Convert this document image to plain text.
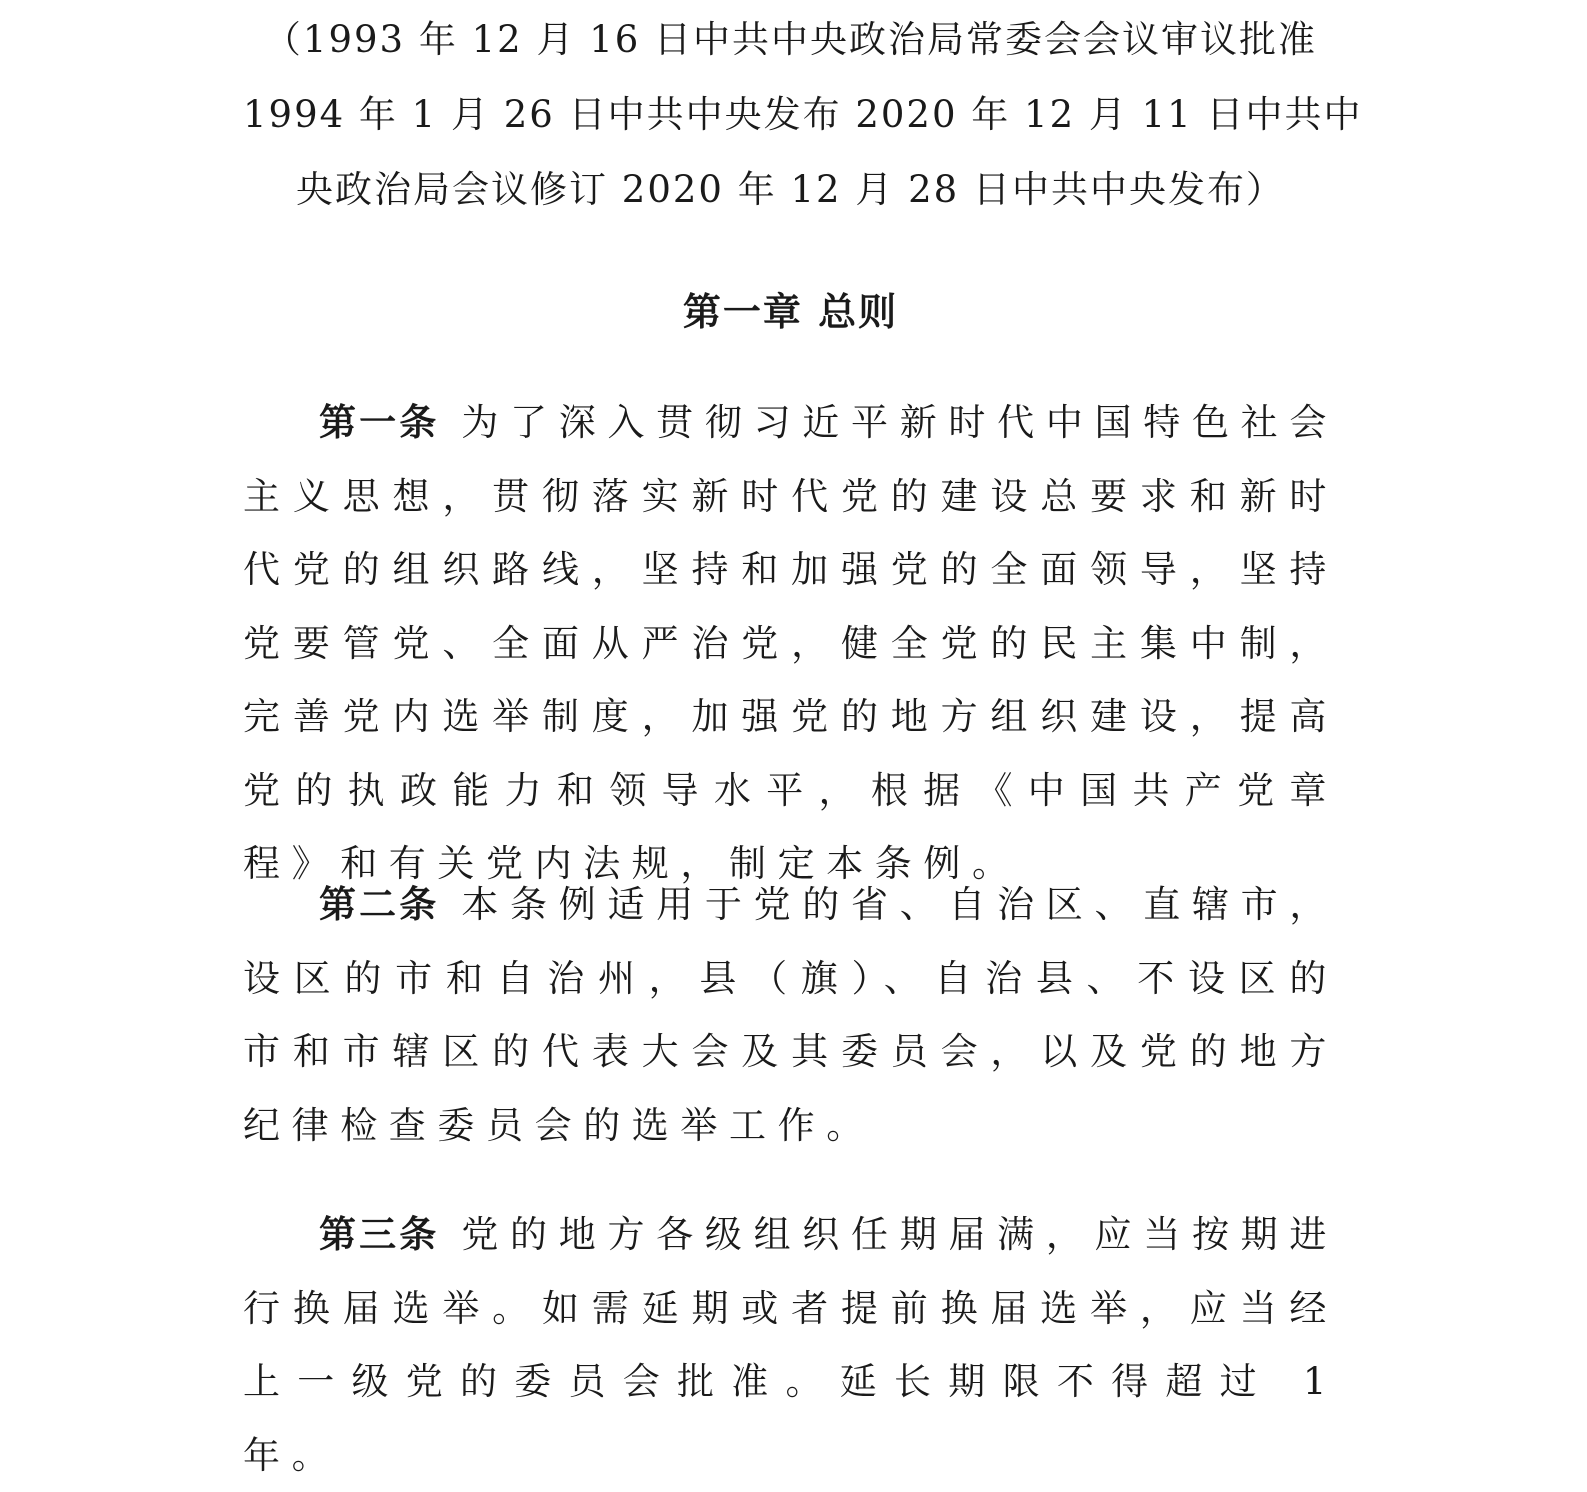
（1993 年 12 月 16 日中共中央政治局常委会会议审议批准
1994 年 1 月 26 日中共中央发布 2020 年 12 月 11 日中共中
央政治局会议修订 2020 年 12 月 28 日中共中央发布）

第一章 总则

第一条 为了深入贯彻习近平新时代中国特色社会主义思想，贯彻落实新时代党的建设总要求和新时代党的组织路线，坚持和加强党的全面领导，坚持党要管党、全面从严治党，健全党的民主集中制，完善党内选举制度，加强党的地方组织建设，提高党的执政能力和领导水平，根据《中国共产党章程》和有关党内法规，制定本条例。

第二条 本条例适用于党的省、自治区、直辖市，设区的市和自治州，县（旗）、自治县、不设区的市和市辖区的代表大会及其委员会，以及党的地方纪律检查委员会的选举工作。

第三条 党的地方各级组织任期届满，应当按期进行换届选举。如需延期或者提前换届选举，应当经上一级党的委员会批准。延长期限不得超过 1 年。
